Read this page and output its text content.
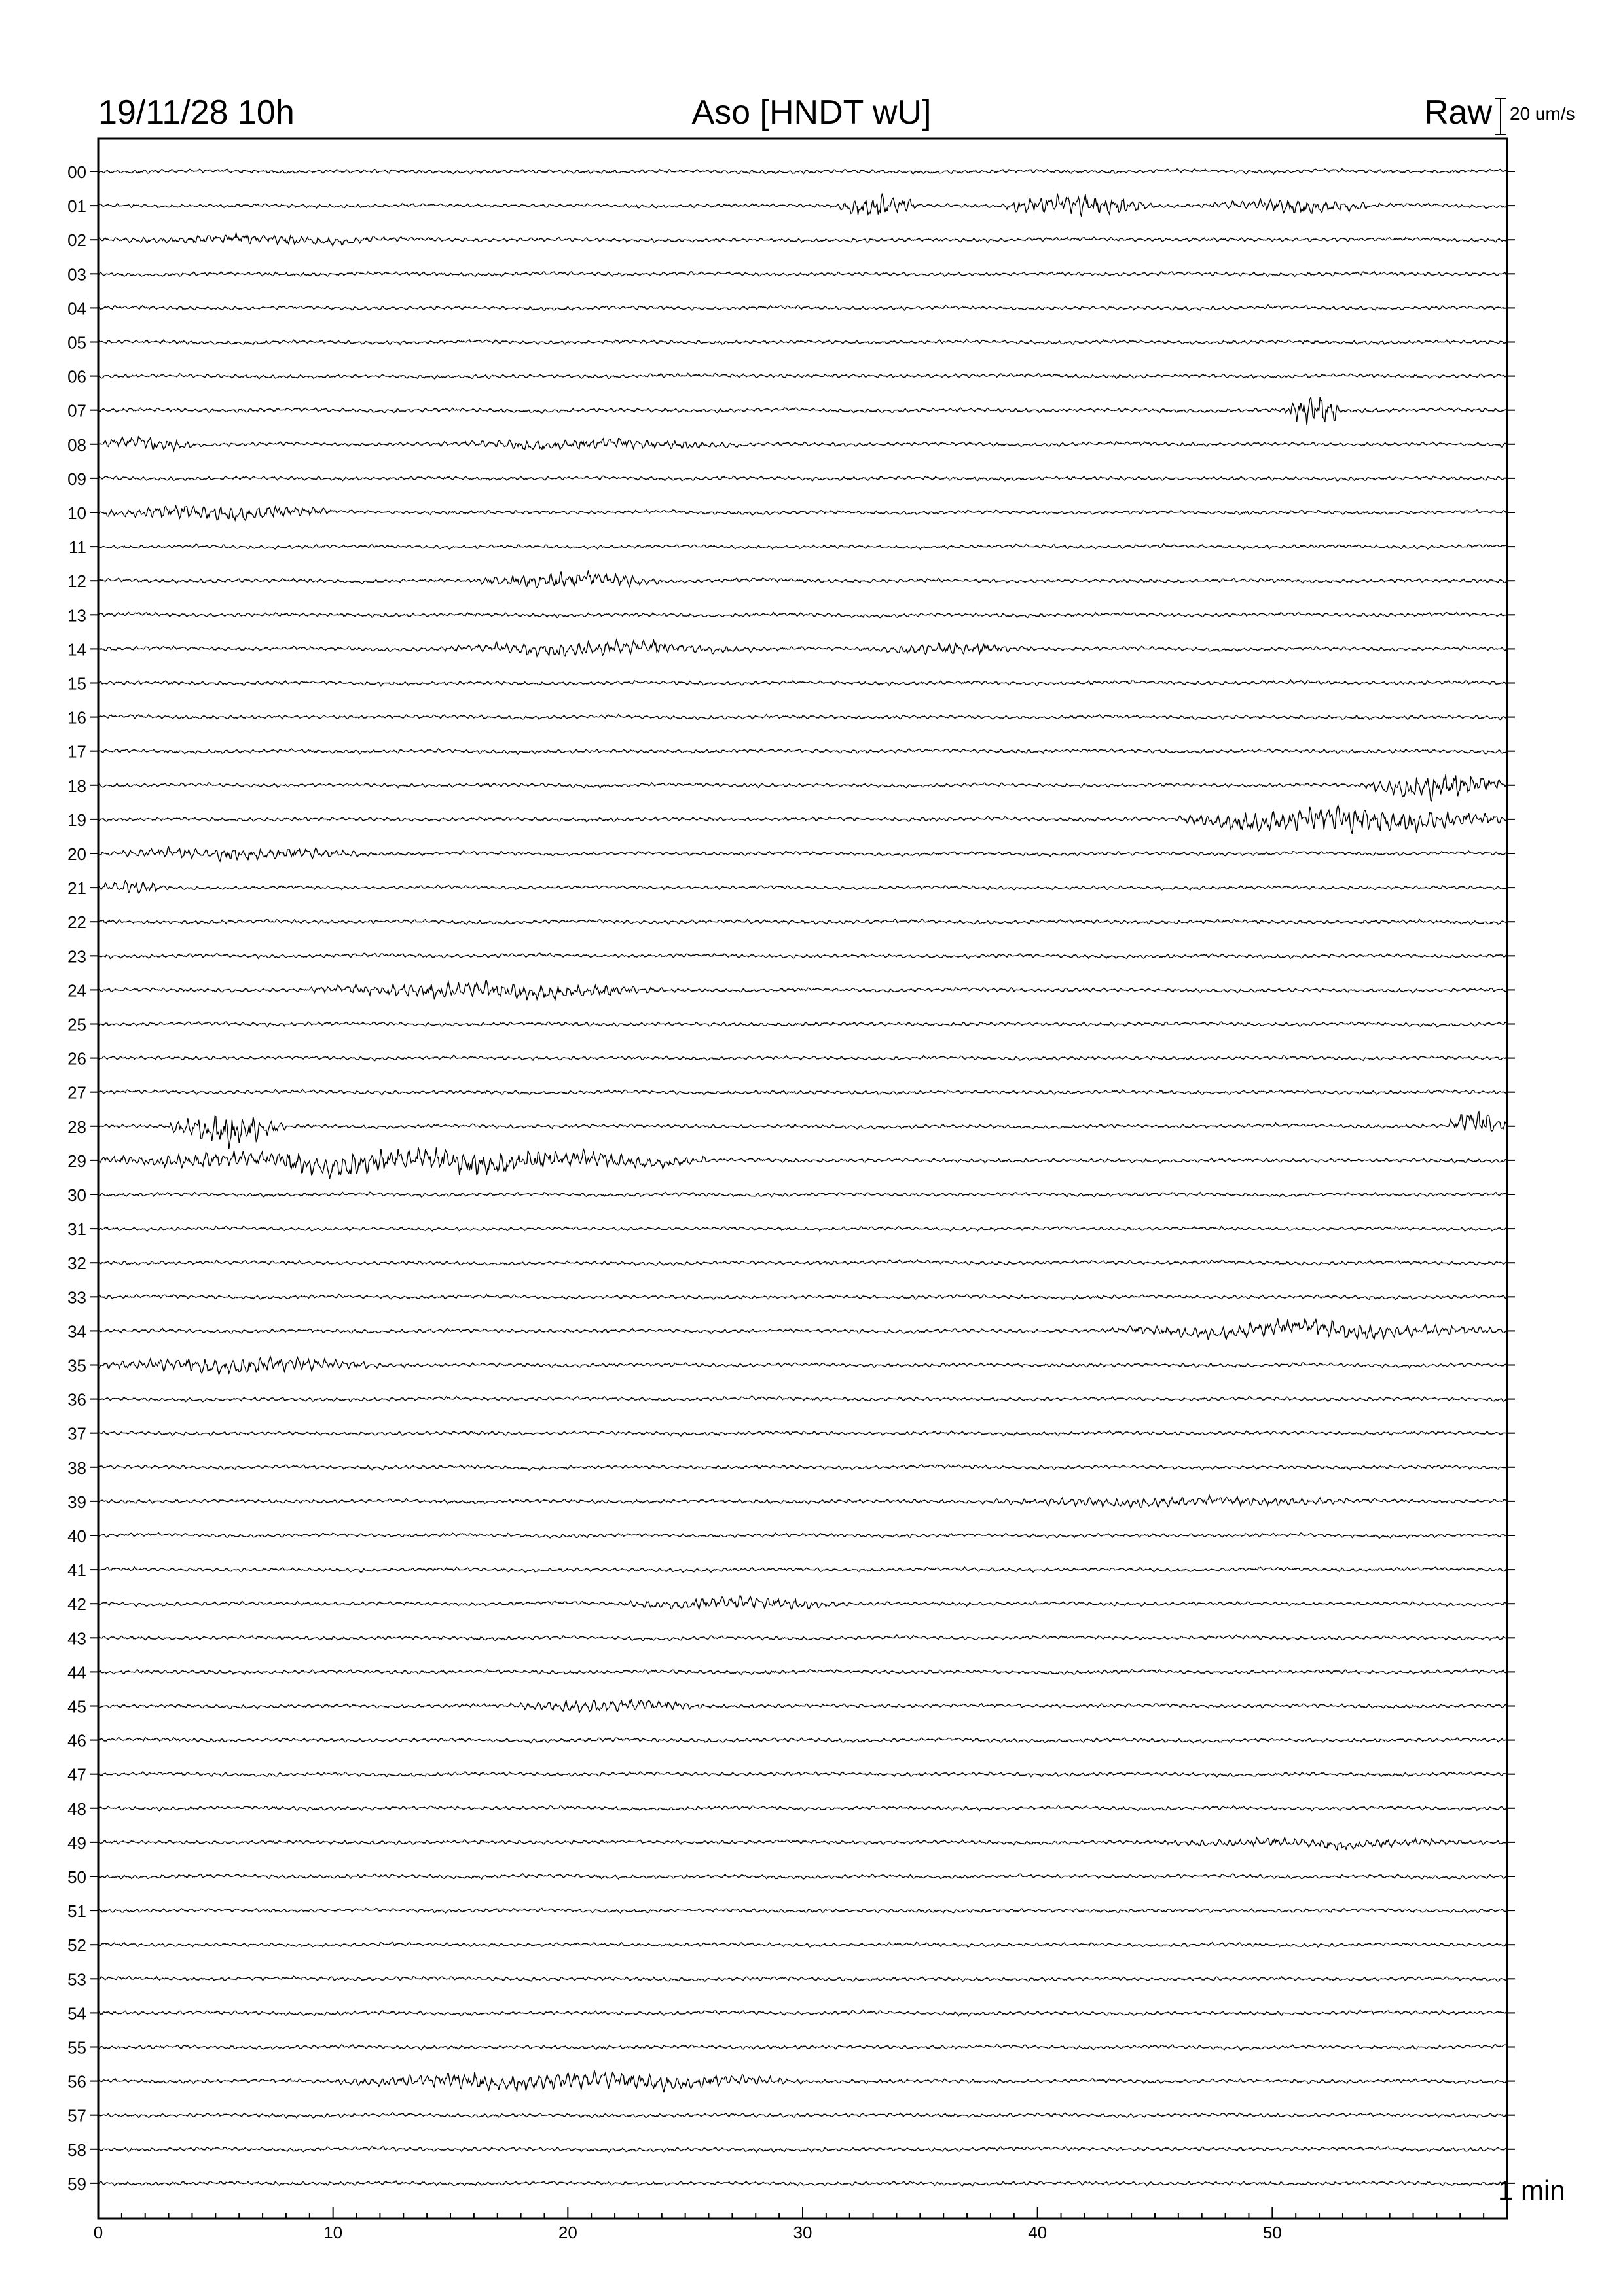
00
01
02
03
04
05
06
07
08
09
10
11
12
13
14
15
16
17
18
19
20
21
22
23
24
25
26
27
28
29
30
31
32
33
34
35
36
37
38
39
40
41
42
43
44
45
46
47
48
49
50
51
52
53
54
55
56
57
58
59
0	10	20	30	40	50
19/11/28 10h	Aso [HNDT wU]	Raw 20 um/s
1 min
